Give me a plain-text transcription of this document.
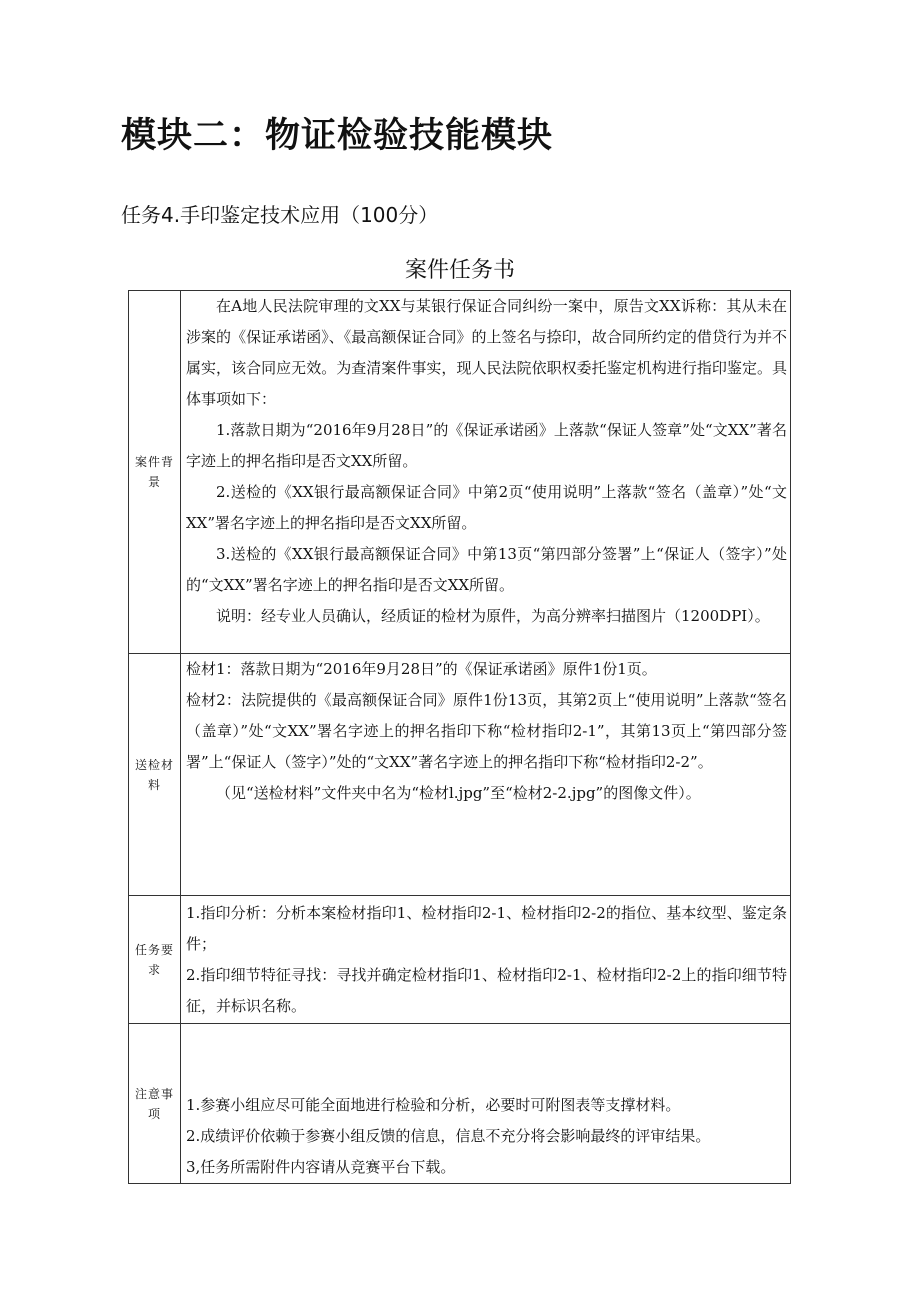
模块二：物证检验技能模块
任务4.手印鉴定技术应用（100分）
案件任务书
案件背景	在A地人民法院审理的文XX与某银行保证合同纠纷一案中，原告文XX诉称：其从未在涉案的《保证承诺函》、《最高额保证合同》的上签名与捺印，故合同所约定的借贷行为并不属实，该合同应无效。为查清案件事实，现人民法院依职权委托鉴定机构进行指印鉴定。具体事项如下：

1.落款日期为“2016年9月28日”的《保证承诺函》上落款“保证人签章”处“文XX”著名字迹上的押名指印是否文XX所留。

2.送检的《XX银行最高额保证合同》中第2页“使用说明”上落款“签名（盖章）”处“文XX”署名字迹上的押名指印是否文XX所留。

3.送检的《XX银行最高额保证合同》中第13页“第四部分签署”上“保证人（签字）”处的“文XX”署名字迹上的押名指印是否文XX所留。

说明：经专业人员确认，经质证的检材为原件，为高分辨率扫描图片（1200DPI）。

送检材料	检材1：落款日期为“2016年9月28日”的《保证承诺函》原件1份1页。

检材2：法院提供的《最高额保证合同》原件1份13页，其第2页上“使用说明”上落款“签名（盖章）”处“文XX”署名字迹上的押名指印下称“检材指印2-1”，其第13页上“第四部分签署”上“保证人（签字）”处的“文XX”著名字迹上的押名指印下称“检材指印2-2”。

（见“送检材料”文件夹中名为“检材l.jpg”至“检材2-2.jpg”的图像文件）。

任务要求	1.指印分析：分析本案检材指印1、检材指印2-1、检材指印2-2的指位、基本纹型、鉴定条件；

2.指印细节特征寻找：寻找并确定检材指印1、检材指印2-1、检材指印2-2上的指印细节特征，并标识名称。

注意事项	1.参赛小组应尽可能全面地进行检验和分析，必要时可附图表等支撑材料。

2.成绩评价依赖于参赛小组反馈的信息，信息不充分将会影响最终的评审结果。

3,任务所需附件内容请从竞赛平台下载。
